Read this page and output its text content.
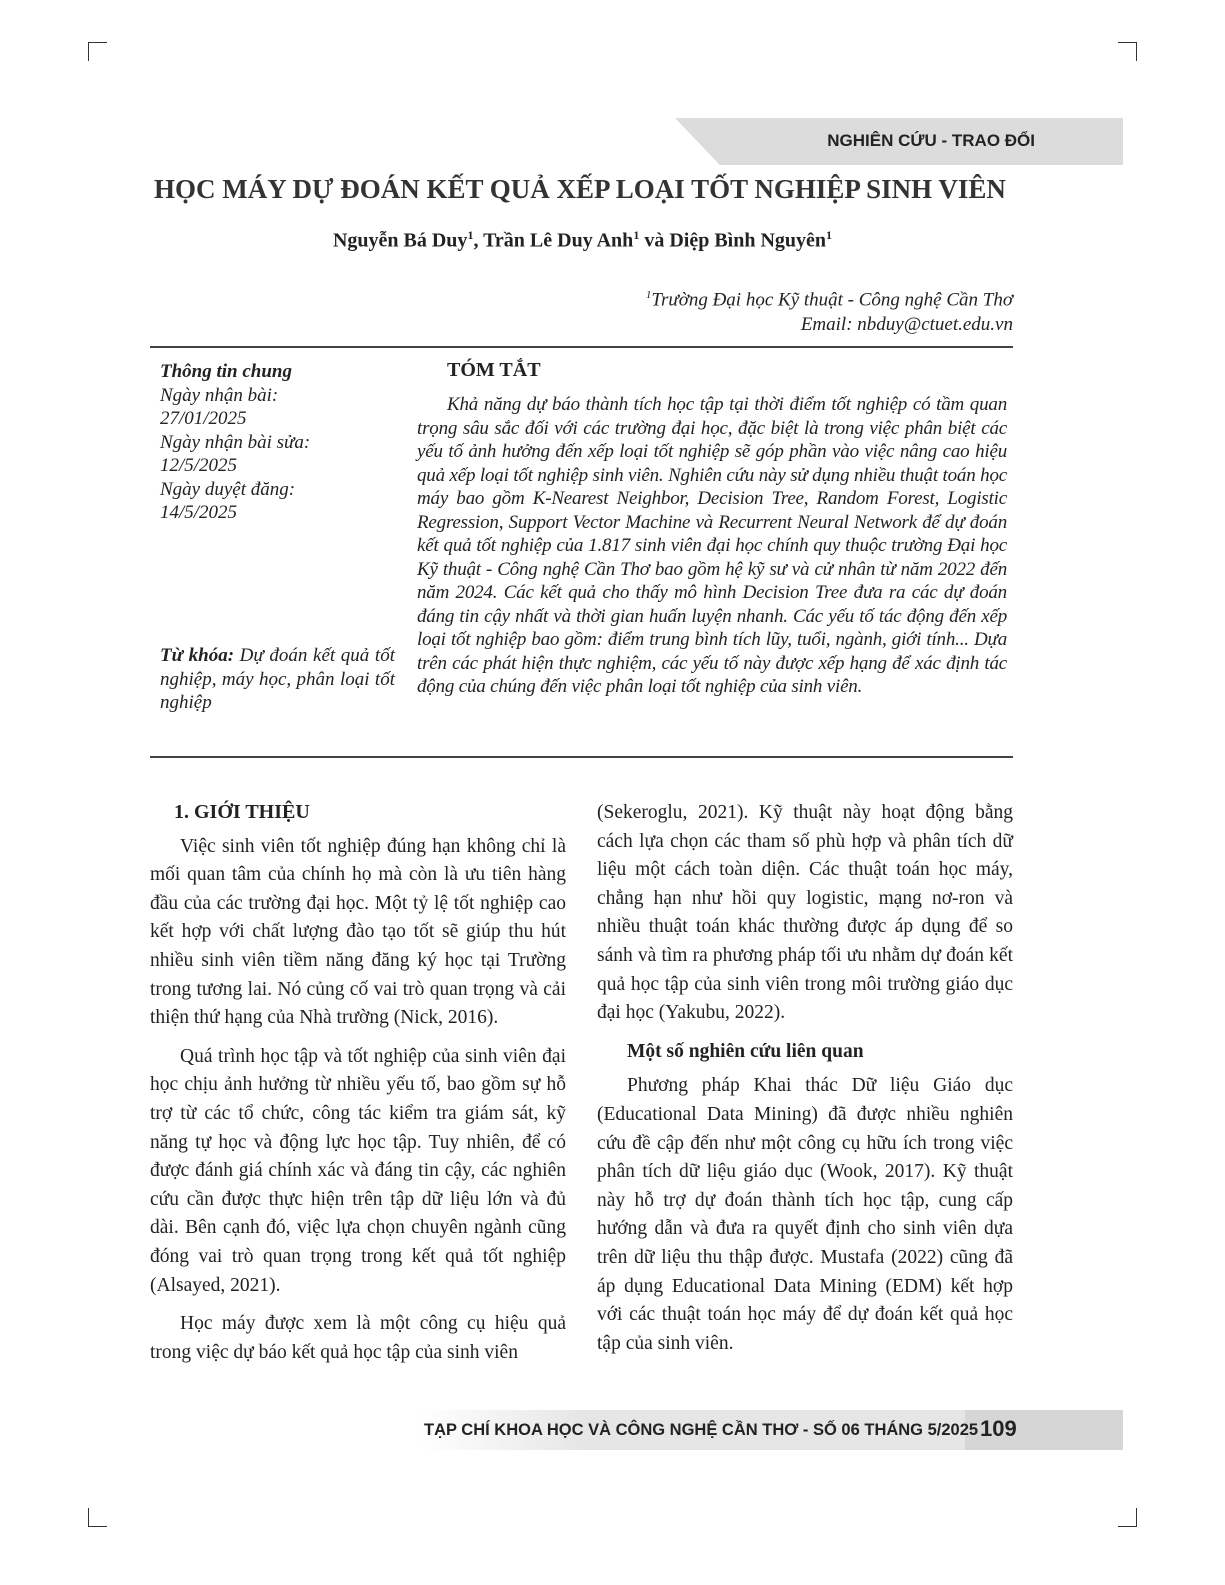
NGHIÊN CỨU - TRAO ĐỔI
HỌC MÁY DỰ ĐOÁN KẾT QUẢ XẾP LOẠI TỐT NGHIỆP SINH VIÊN
Nguyễn Bá Duy$^1$, Trần Lê Duy Anh$^1$ và Diệp Bình Nguyên$^1$
$^1$Trường Đại học Kỹ thuật - Công nghệ Cần Thơ
Email: nbduy@ctuet.edu.vn
Thông tin chung
Ngày nhận bài:
27/01/2025
Ngày nhận bài sửa:
12/5/2025
Ngày duyệt đăng:
14/5/2025
Từ khóa: Dự đoán kết quả tốt nghiệp, máy học, phân loại tốt nghiệp
TÓM TẮT
Khả năng dự báo thành tích học tập tại thời điểm tốt nghiệp có tầm quan trọng sâu sắc đối với các trường đại học, đặc biệt là trong việc phân biệt các yếu tố ảnh hưởng đến xếp loại tốt nghiệp sẽ góp phần vào việc nâng cao hiệu quả xếp loại tốt nghiệp sinh viên. Nghiên cứu này sử dụng nhiều thuật toán học máy bao gồm K-Nearest Neighbor, Decision Tree, Random Forest, Logistic Regression, Support Vector Machine và Recurrent Neural Network để dự đoán kết quả tốt nghiệp của 1.817 sinh viên đại học chính quy thuộc trường Đại học Kỹ thuật - Công nghệ Cần Thơ bao gồm hệ kỹ sư và cử nhân từ năm 2022 đến năm 2024. Các kết quả cho thấy mô hình Decision Tree đưa ra các dự đoán đáng tin cậy nhất và thời gian huấn luyện nhanh. Các yếu tố tác động đến xếp loại tốt nghiệp bao gồm: điểm trung bình tích lũy, tuổi, ngành, giới tính... Dựa trên các phát hiện thực nghiệm, các yếu tố này được xếp hạng để xác định tác động của chúng đến việc phân loại tốt nghiệp của sinh viên.
1. GIỚI THIỆU

Việc sinh viên tốt nghiệp đúng hạn không chỉ là mối quan tâm của chính họ mà còn là ưu tiên hàng đầu của các trường đại học. Một tỷ lệ tốt nghiệp cao kết hợp với chất lượng đào tạo tốt sẽ giúp thu hút nhiều sinh viên tiềm năng đăng ký học tại Trường trong tương lai. Nó củng cố vai trò quan trọng và cải thiện thứ hạng của Nhà trường (Nick, 2016).

Quá trình học tập và tốt nghiệp của sinh viên đại học chịu ảnh hưởng từ nhiều yếu tố, bao gồm sự hỗ trợ từ các tổ chức, công tác kiểm tra giám sát, kỹ năng tự học và động lực học tập. Tuy nhiên, để có được đánh giá chính xác và đáng tin cậy, các nghiên cứu cần được thực hiện trên tập dữ liệu lớn và đủ dài. Bên cạnh đó, việc lựa chọn chuyên ngành cũng đóng vai trò quan trọng trong kết quả tốt nghiệp (Alsayed, 2021).

Học máy được xem là một công cụ hiệu quả trong việc dự báo kết quả học tập của sinh viên

(Sekeroglu, 2021). Kỹ thuật này hoạt động bằng cách lựa chọn các tham số phù hợp và phân tích dữ liệu một cách toàn diện. Các thuật toán học máy, chẳng hạn như hồi quy logistic, mạng nơ-ron và nhiều thuật toán khác thường được áp dụng để so sánh và tìm ra phương pháp tối ưu nhằm dự đoán kết quả học tập của sinh viên trong môi trường giáo dục đại học (Yakubu, 2022).

Một số nghiên cứu liên quan

Phương pháp Khai thác Dữ liệu Giáo dục (Educational Data Mining) đã được nhiều nghiên cứu đề cập đến như một công cụ hữu ích trong việc phân tích dữ liệu giáo dục (Wook, 2017). Kỹ thuật này hỗ trợ dự đoán thành tích học tập, cung cấp hướng dẫn và đưa ra quyết định cho sinh viên dựa trên dữ liệu thu thập được. Mustafa (2022) cũng đã áp dụng Educational Data Mining (EDM) kết hợp với các thuật toán học máy để dự đoán kết quả học tập của sinh viên.

TẠP CHÍ KHOA HỌC VÀ CÔNG NGHỆ CẦN THƠ - SỐ 06 THÁNG 5/2025 109
